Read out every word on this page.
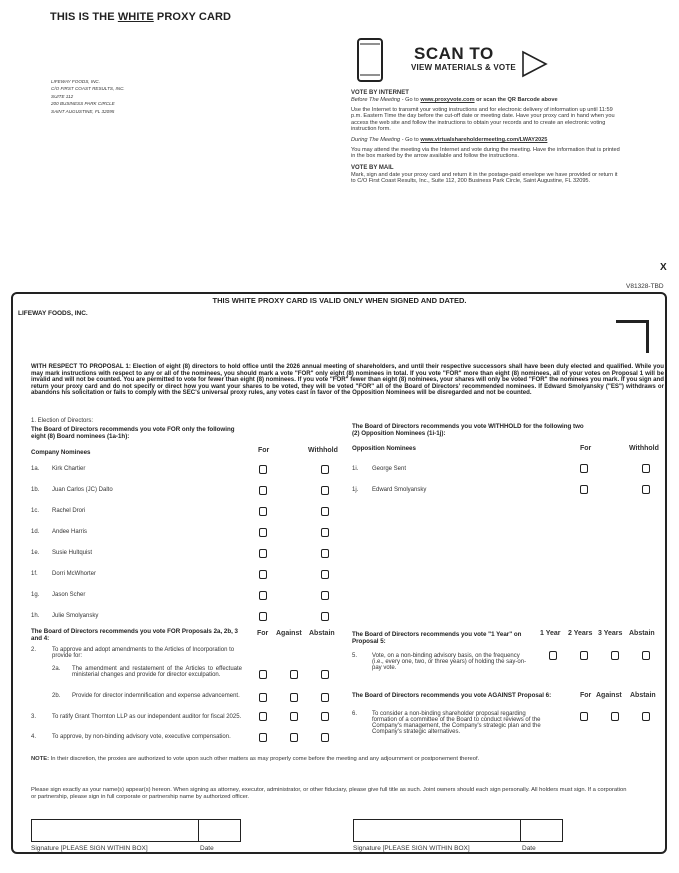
THIS IS THE WHITE PROXY CARD
LIFEWAY FOODS, INC.
C/O FIRST COAST RESULTS, INC.
SUITE 112
200 BUSINESS PARK CIRCLE
SAINT AUGUSTINE, FL 32095
SCAN TO
VIEW MATERIALS & VOTE
VOTE BY INTERNET
Before The Meeting - Go to www.proxyvote.com or scan the QR Barcode above
Use the Internet to transmit your voting instructions and for electronic delivery of information up until 11:59 p.m. Eastern Time the day before the cut-off date or meeting date. Have your proxy card in hand when you access the web site and follow the instructions to obtain your records and to create an electronic voting instruction form.
During The Meeting - Go to www.virtualshareholdermeeting.com/LWAY2025
You may attend the meeting via the Internet and vote during the meeting. Have the information that is printed in the box marked by the arrow available and follow the instructions.
VOTE BY MAIL
Mark, sign and date your proxy card and return it in the postage-paid envelope we have provided or return it to C/O First Coast Results, Inc., Suite 112, 200 Business Park Circle, Saint Augustine, FL 32095.
X
V81328-TBD
THIS WHITE PROXY CARD IS VALID ONLY WHEN SIGNED AND DATED.
LIFEWAY FOODS, INC.
WITH RESPECT TO PROPOSAL 1: Election of eight (8) directors to hold office until the 2026 annual meeting of shareholders, and until their respective successors shall have been duly elected and qualified. While you may mark instructions with respect to any or all of the nominees, you should mark a vote "FOR" only eight (8) nominees in total. If you vote "FOR" more than eight (8) nominees, all of your votes on Proposal 1 will be invalid and will not be counted. You are permitted to vote for fewer than eight (8) nominees. If you vote "FOR" fewer than eight (8) nominees, your shares will only be voted "FOR" the nominees you mark. If you sign and return your proxy card and do not specify or direct how you want your shares to be voted, they will be voted "FOR" all of the Board of Directors' recommended nominees. If Edward Smolyansky ("ES") withdraws or abandons his solicitation or fails to comply with the SEC's universal proxy rules, any votes cast in favor of the Opposition Nominees will be disregarded and not be counted.
1. Election of Directors:
The Board of Directors recommends you vote FOR only the following eight (8) Board nominees (1a-1h):
The Board of Directors recommends you vote WITHHOLD for the following two (2) Opposition Nominees (1i-1j):
Company Nominees	For	Withhold Opposition Nominees	For	Withhold
1a. Kirk Chartier
1b. Juan Carlos (JC) Dalto
1c. Rachel Drori
1d. Andee Harris
1e. Susie Hultquist
1f. Dorri McWhorter
1g. Jason Scher
1h. Julie Smolyansky
1i. George Sent
1j. Edward Smolyansky
The Board of Directors recommends you vote FOR Proposals 2a, 2b, 3 and 4:
For Against Abstain
2.	To approve and adopt amendments to the Articles of Incorporation to provide for:
2a. The amendment and restatement of the Articles to effectuate ministerial changes and provide for director exculpation.
2b. Provide for director indemnification and expense advancement.
3.	To ratify Grant Thornton LLP as our independent auditor for fiscal 2025.
4.	To approve, by non-binding advisory vote, executive compensation.
The Board of Directors recommends you vote "1 Year" on Proposal 5:
1 Year 2 Years 3 Years Abstain
5. Vote, on a non-binding advisory basis, on the frequency (i.e., every one, two, or three years) of holding the say-on-pay vote.
The Board of Directors recommends you vote AGAINST Proposal 6:	For Against Abstain
6. To consider a non-binding shareholder proposal regarding formation of a committee of the Board to conduct reviews of the Company's management, the Company's strategic plan and the Company's strategic alternatives.
NOTE: In their discretion, the proxies are authorized to vote upon such other matters as may properly come before the meeting and any adjournment or postponement thereof.
Please sign exactly as your name(s) appear(s) hereon. When signing as attorney, executor, administrator, or other fiduciary, please give full title as such. Joint owners should each sign personally. All holders must sign. If a corporation or partnership, please sign in full corporate or partnership name by authorized officer.
Signature [PLEASE SIGN WITHIN BOX]	Date	Signature [PLEASE SIGN WITHIN BOX]	Date
